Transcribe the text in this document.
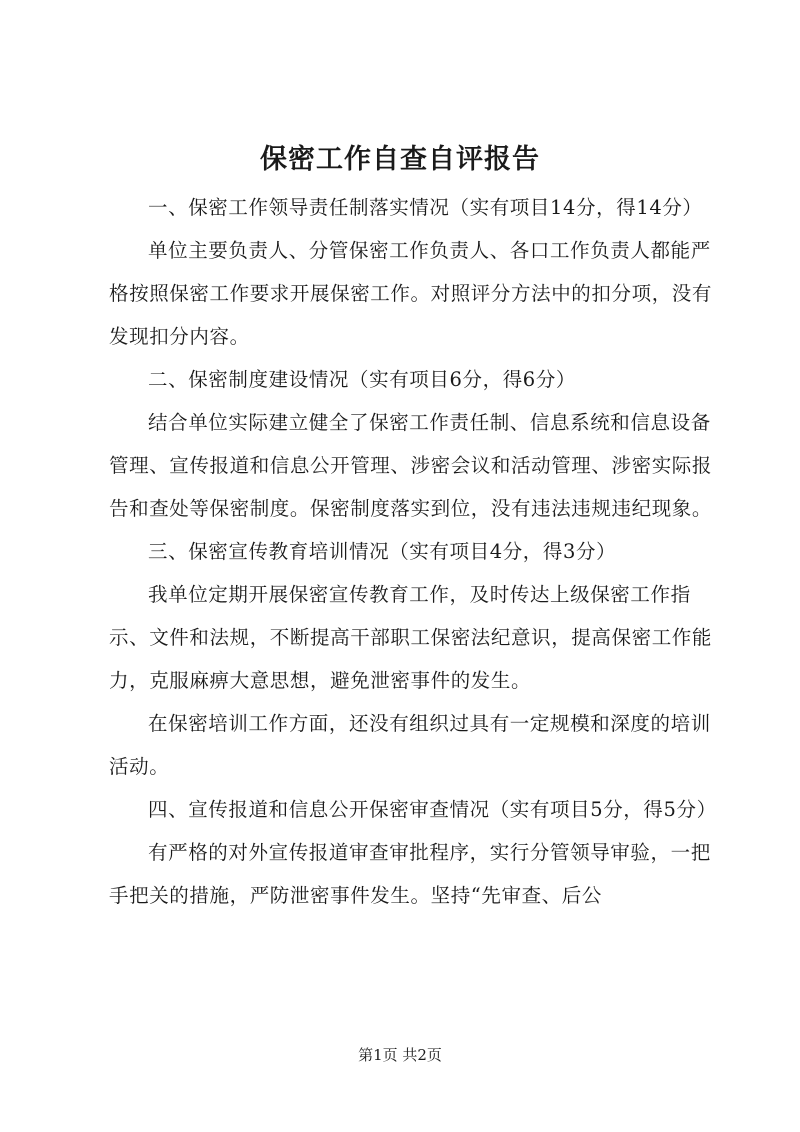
保密工作自查自评报告

一、保密工作领导责任制落实情况（实有项目14分，得14分）

单位主要负责人、分管保密工作负责人、各口工作负责人都能严格按照保密工作要求开展保密工作。对照评分方法中的扣分项，没有发现扣分内容。

二、保密制度建设情况（实有项目6分，得6分）

结合单位实际建立健全了保密工作责任制、信息系统和信息设备管理、宣传报道和信息公开管理、涉密会议和活动管理、涉密实际报告和查处等保密制度。保密制度落实到位，没有违法违规违纪现象。

三、保密宣传教育培训情况（实有项目4分，得3分）

我单位定期开展保密宣传教育工作，及时传达上级保密工作指示、文件和法规，不断提高干部职工保密法纪意识，提高保密工作能力，克服麻痹大意思想，避免泄密事件的发生。

在保密培训工作方面，还没有组织过具有一定规模和深度的培训活动。

四、宣传报道和信息公开保密审查情况（实有项目5分，得5分）

有严格的对外宣传报道审查审批程序，实行分管领导审验，一把手把关的措施，严防泄密事件发生。坚持“先审查、后公

第1页 共2页
